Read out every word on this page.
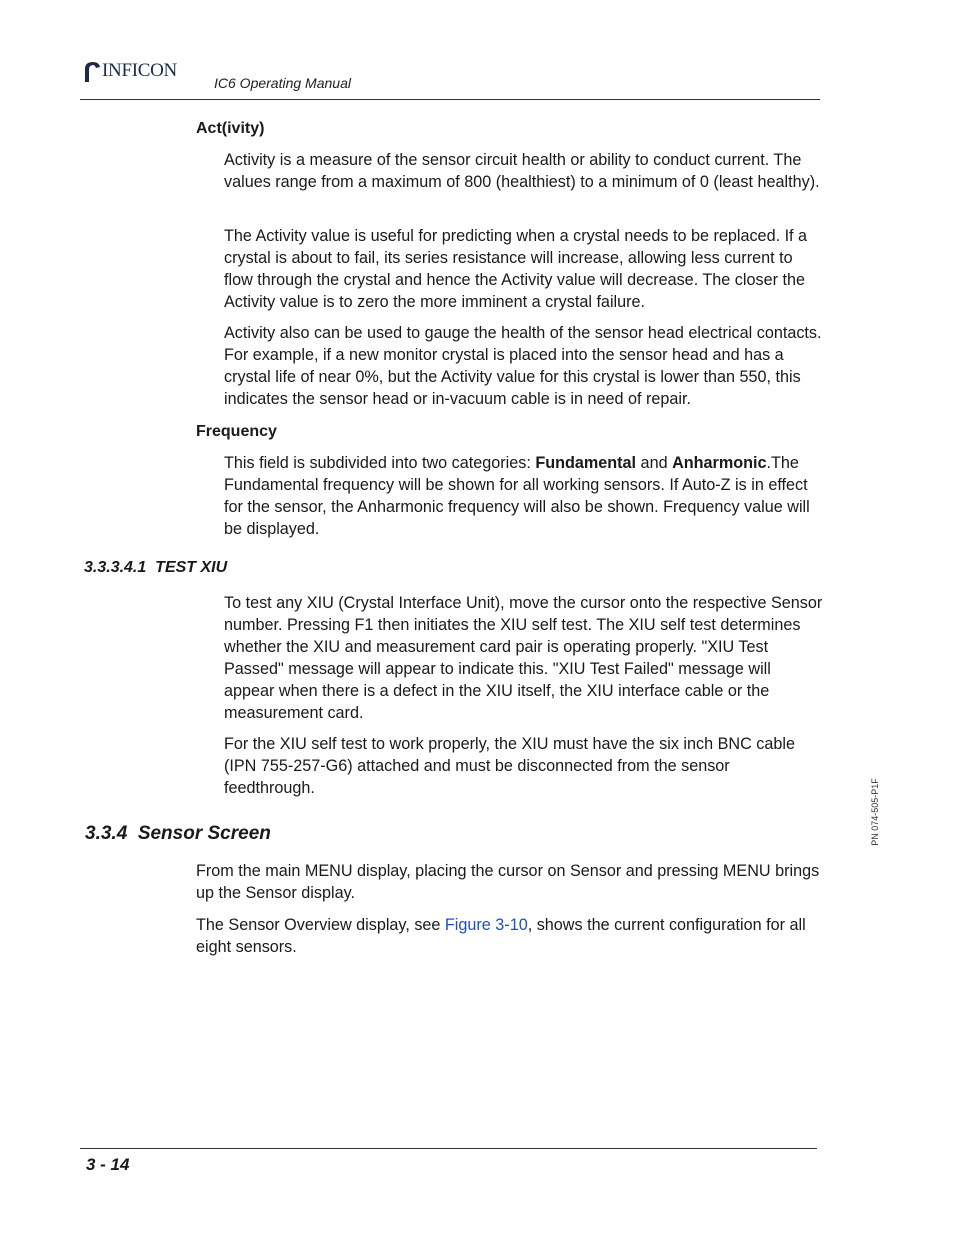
INFICON
IC6 Operating Manual
PN 074-505-P1F
Act(ivity)

Activity is a measure of the sensor circuit health or ability to conduct current. The values range from a maximum of 800 (healthiest) to a minimum of 0 (least healthy).

The Activity value is useful for predicting when a crystal needs to be replaced. If a crystal is about to fail, its series resistance will increase, allowing less current to flow through the crystal and hence the Activity value will decrease. The closer the Activity value is to zero the more imminent a crystal failure.

Activity also can be used to gauge the health of the sensor head electrical contacts. For example, if a new monitor crystal is placed into the sensor head and has a crystal life of near 0%, but the Activity value for this crystal is lower than 550, this indicates the sensor head or in-vacuum cable is in need of repair.

Frequency

This field is subdivided into two categories: Fundamental and Anharmonic.The Fundamental frequency will be shown for all working sensors. If Auto-Z is in effect for the sensor, the Anharmonic frequency will also be shown. Frequency value will be displayed.

3.3.3.4.1  TEST XIU

To test any XIU (Crystal Interface Unit), move the cursor onto the respective Sensor number. Pressing F1 then initiates the XIU self test. The XIU self test determines whether the XIU and measurement card pair is operating properly. "XIU Test Passed" message will appear to indicate this. "XIU Test Failed" message will appear when there is a defect in the XIU itself, the XIU interface cable or the measurement card.

For the XIU self test to work properly, the XIU must have the six inch BNC cable (IPN 755-257-G6) attached and must be disconnected from the sensor feedthrough.

3.3.4  Sensor Screen

From the main MENU display, placing the cursor on Sensor and pressing MENU brings up the Sensor display.

The Sensor Overview display, see Figure 3-10, shows the current configuration for all eight sensors.

3 - 14
